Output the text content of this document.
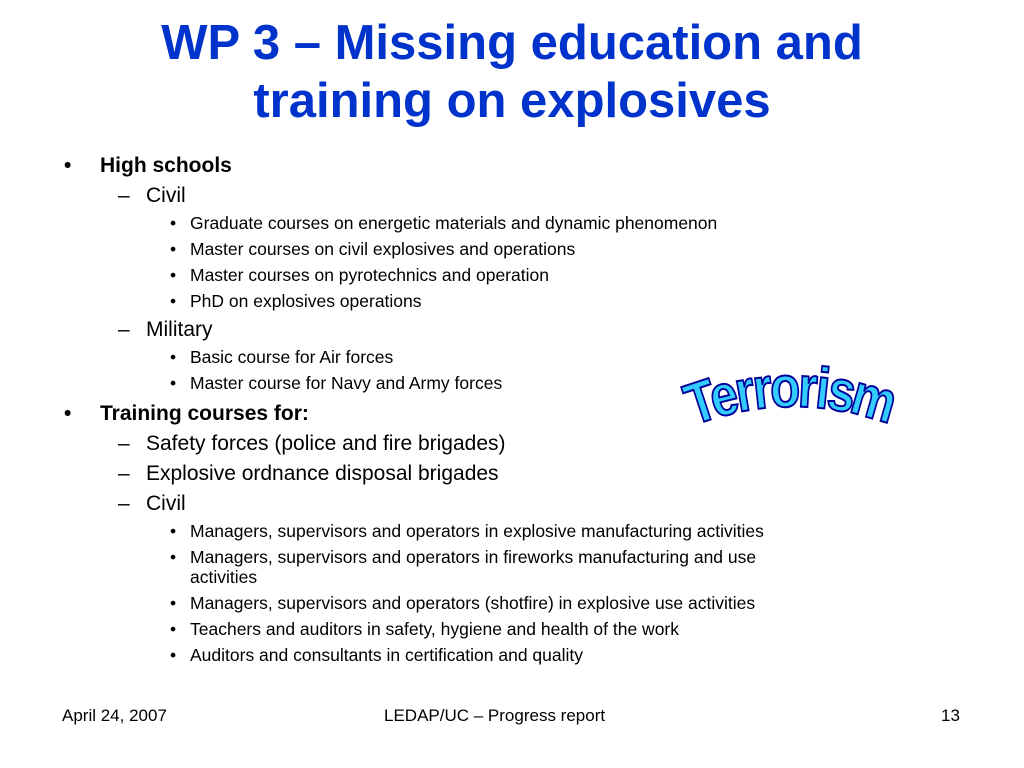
WP 3 – Missing education and
training on explosives
• High schools
– Civil
• Graduate courses on energetic materials and dynamic phenomenon
• Master courses on civil explosives and operations
• Master courses on pyrotechnics and operation
• PhD on explosives operations
– Military
• Basic course for Air forces
• Master course for Navy and Army forces
• Training courses for:
– Safety forces (police and fire brigades)
– Explosive ordnance disposal brigades
– Civil
• Managers, supervisors and operators in explosive manufacturing activities
• Managers, supervisors and operators in fireworks manufacturing and use
activities
• Managers, supervisors and operators (shotfire) in explosive use activities
• Teachers and auditors in safety, hygiene and health of the work
• Auditors and consultants in certification and quality
Terrorism
April 24, 2007	LEDAP/UC – Progress report	13
